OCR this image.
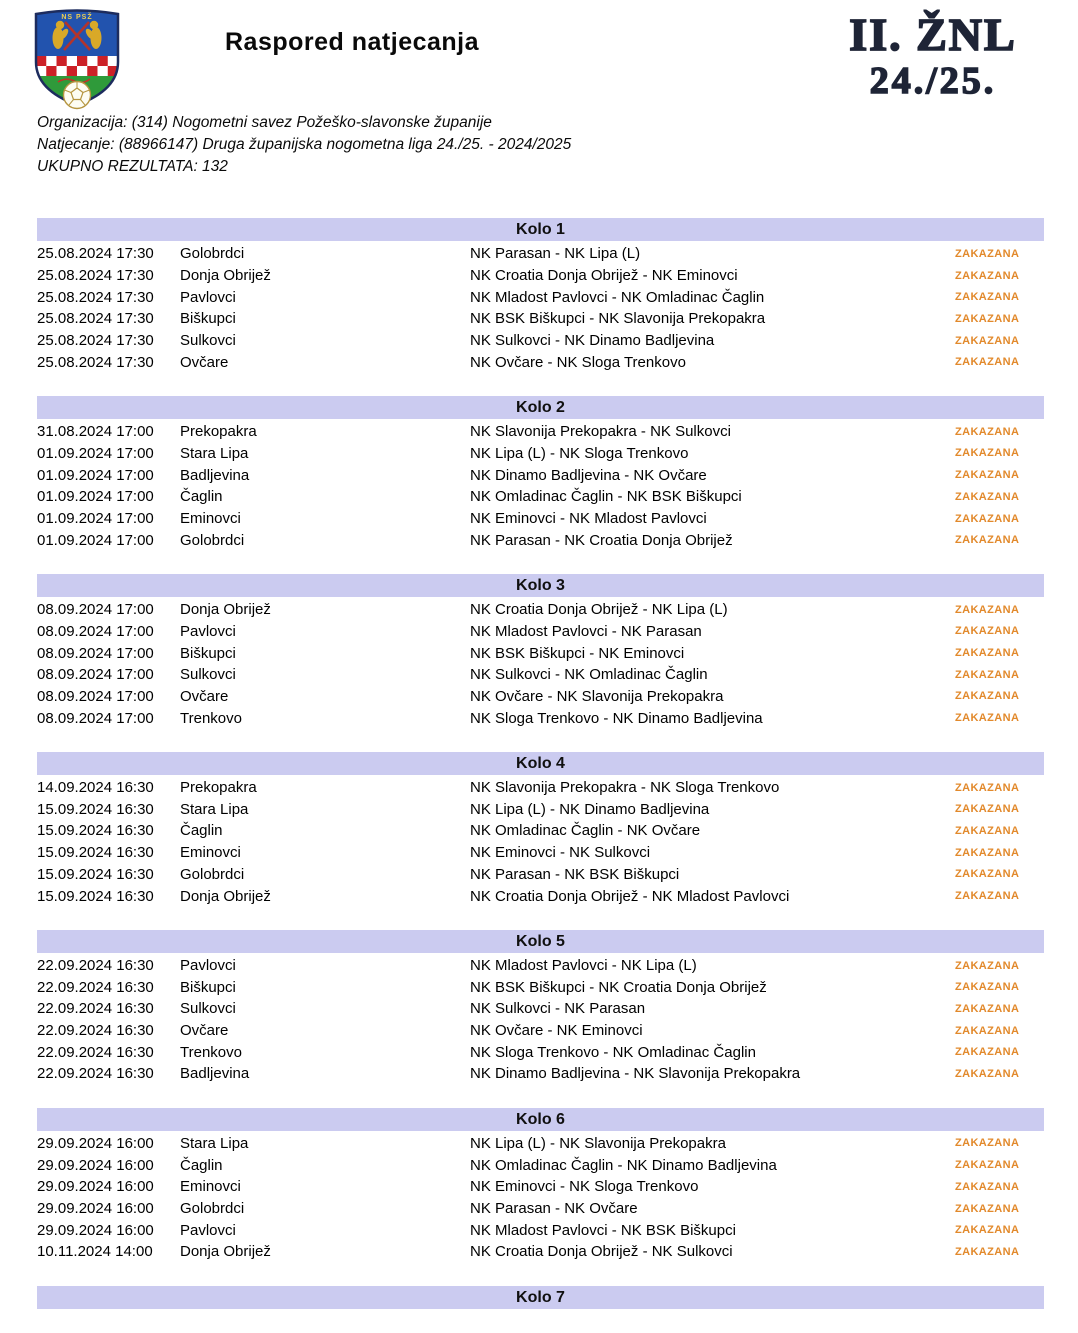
NS PSŽ
Raspored natjecanja	II. ŽNL
24./25.
Organizacija: (314) Nogometni savez Požeško-slavonske županije
Natjecanje: (88966147) Druga županijska nogometna liga 24./25. - 2024/2025
UKUPNO REZULTATA: 132
Kolo 1
25.08.2024 17:30	Golobrdci	NK Parasan - NK Lipa (L)	ZAKAZANA
25.08.2024 17:30	Donja Obrijež	NK Croatia Donja Obrijež - NK Eminovci	ZAKAZANA
25.08.2024 17:30	Pavlovci	NK Mladost Pavlovci - NK Omladinac Čaglin	ZAKAZANA
25.08.2024 17:30	Biškupci	NK BSK Biškupci - NK Slavonija Prekopakra	ZAKAZANA
25.08.2024 17:30	Sulkovci	NK Sulkovci - NK Dinamo Badljevina	ZAKAZANA
25.08.2024 17:30	Ovčare	NK Ovčare - NK Sloga Trenkovo	ZAKAZANA
Kolo 2
31.08.2024 17:00	Prekopakra	NK Slavonija Prekopakra - NK Sulkovci	ZAKAZANA
01.09.2024 17:00	Stara Lipa	NK Lipa (L) - NK Sloga Trenkovo	ZAKAZANA
01.09.2024 17:00	Badljevina	NK Dinamo Badljevina - NK Ovčare	ZAKAZANA
01.09.2024 17:00	Čaglin	NK Omladinac Čaglin - NK BSK Biškupci	ZAKAZANA
01.09.2024 17:00	Eminovci	NK Eminovci - NK Mladost Pavlovci	ZAKAZANA
01.09.2024 17:00	Golobrdci	NK Parasan - NK Croatia Donja Obrijež	ZAKAZANA
Kolo 3
08.09.2024 17:00	Donja Obrijež	NK Croatia Donja Obrijež - NK Lipa (L)	ZAKAZANA
08.09.2024 17:00	Pavlovci	NK Mladost Pavlovci - NK Parasan	ZAKAZANA
08.09.2024 17:00	Biškupci	NK BSK Biškupci - NK Eminovci	ZAKAZANA
08.09.2024 17:00	Sulkovci	NK Sulkovci - NK Omladinac Čaglin	ZAKAZANA
08.09.2024 17:00	Ovčare	NK Ovčare - NK Slavonija Prekopakra	ZAKAZANA
08.09.2024 17:00	Trenkovo	NK Sloga Trenkovo - NK Dinamo Badljevina	ZAKAZANA
Kolo 4
14.09.2024 16:30	Prekopakra	NK Slavonija Prekopakra - NK Sloga Trenkovo	ZAKAZANA
15.09.2024 16:30	Stara Lipa	NK Lipa (L) - NK Dinamo Badljevina	ZAKAZANA
15.09.2024 16:30	Čaglin	NK Omladinac Čaglin - NK Ovčare	ZAKAZANA
15.09.2024 16:30	Eminovci	NK Eminovci - NK Sulkovci	ZAKAZANA
15.09.2024 16:30	Golobrdci	NK Parasan - NK BSK Biškupci	ZAKAZANA
15.09.2024 16:30	Donja Obrijež	NK Croatia Donja Obrijež - NK Mladost Pavlovci	ZAKAZANA
Kolo 5
22.09.2024 16:30	Pavlovci	NK Mladost Pavlovci - NK Lipa (L)	ZAKAZANA
22.09.2024 16:30	Biškupci	NK BSK Biškupci - NK Croatia Donja Obrijež	ZAKAZANA
22.09.2024 16:30	Sulkovci	NK Sulkovci - NK Parasan	ZAKAZANA
22.09.2024 16:30	Ovčare	NK Ovčare - NK Eminovci	ZAKAZANA
22.09.2024 16:30	Trenkovo	NK Sloga Trenkovo - NK Omladinac Čaglin	ZAKAZANA
22.09.2024 16:30	Badljevina	NK Dinamo Badljevina - NK Slavonija Prekopakra	ZAKAZANA
Kolo 6
29.09.2024 16:00	Stara Lipa	NK Lipa (L) - NK Slavonija Prekopakra	ZAKAZANA
29.09.2024 16:00	Čaglin	NK Omladinac Čaglin - NK Dinamo Badljevina	ZAKAZANA
29.09.2024 16:00	Eminovci	NK Eminovci - NK Sloga Trenkovo	ZAKAZANA
29.09.2024 16:00	Golobrdci	NK Parasan - NK Ovčare	ZAKAZANA
29.09.2024 16:00	Pavlovci	NK Mladost Pavlovci - NK BSK Biškupci	ZAKAZANA
10.11.2024 14:00	Donja Obrijež	NK Croatia Donja Obrijež - NK Sulkovci	ZAKAZANA
Kolo 7
